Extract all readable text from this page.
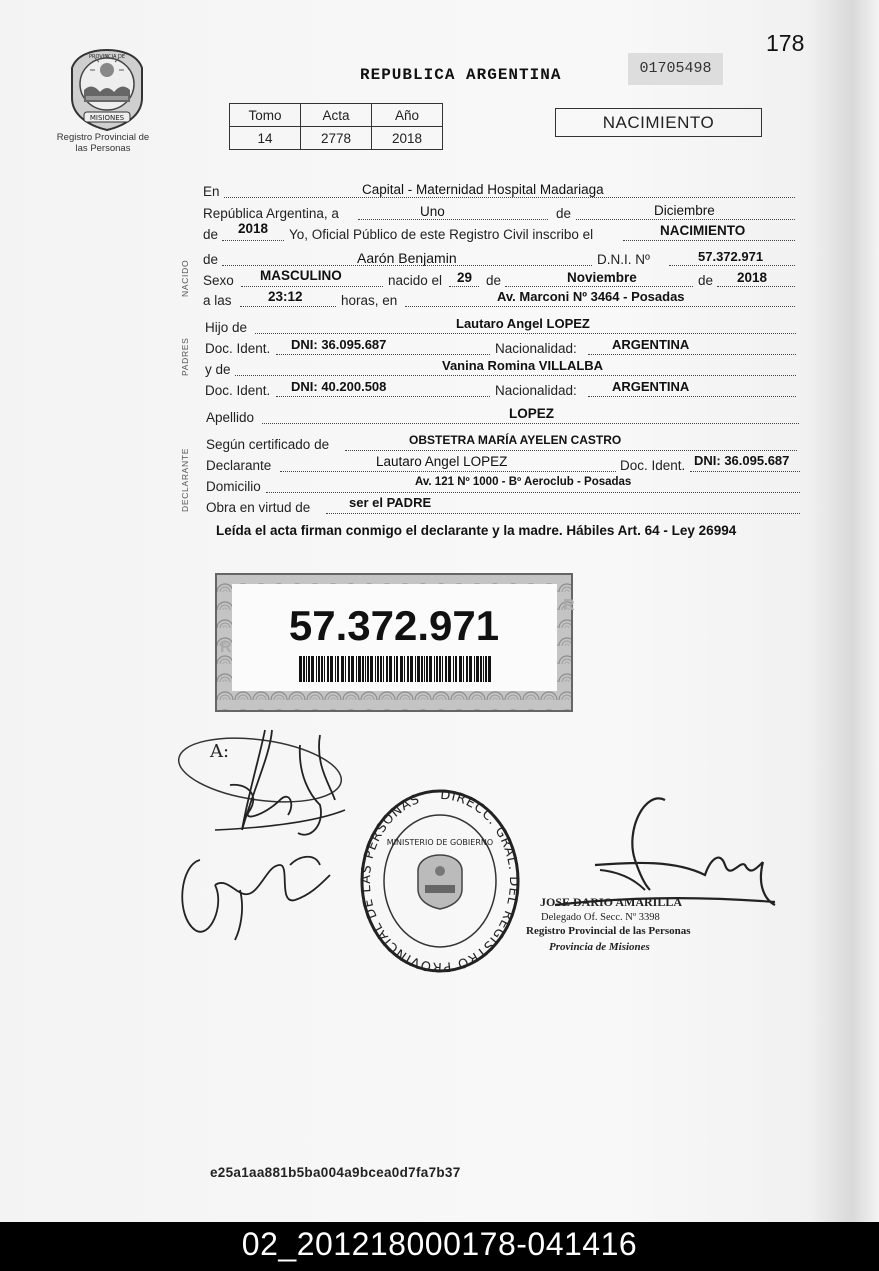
178
MISIONES
PROVINCIA DE
Registro Provincial de las Personas
REPUBLICA ARGENTINA	01705498
Tomo	Acta	Año
14	2778	2018
NACIMIENTO
NACIDO
PADRES
DECLARANTE
En	Capital - Maternidad Hospital Madariaga
República Argentina, a	Uno	de	Diciembre
de 2018 Yo, Oficial Público de este Registro Civil inscribo el	NACIMIENTO
de	Aarón Benjamin	D.N.I. Nº	57.372.971
Sexo MASCULINO	nacido el 29 de	Noviembre	de 2018
a las	23:12	horas, en	Av. Marconi Nº 3464 - Posadas
Hijo de	Lautaro Angel LOPEZ
Doc. Ident. DNI: 36.095.687	Nacionalidad:	ARGENTINA
y de	Vanina Romina VILLALBA
Doc. Ident. DNI: 40.200.508	Nacionalidad:	ARGENTINA
Apellido	LOPEZ
Según certificado de	OBSTETRA MARÍA AYELEN CASTRO
Declarante	Lautaro Angel LOPEZ	Doc. Ident. DNI: 36.095.687
Domicilio	Av. 121 Nº 1000 - Bº Aeroclub - Posadas
Obra en virtud de	ser el PADRE
Leída el acta firman conmigo el declarante y la madre. Hábiles Art. 64 - Ley 26994
R
R 57.372.971
A:
DIRECC. GRAL. DEL REGISTRO PROVINCIAL DE LAS PERSONAS
MINISTERIO DE GOBIERNO
JOSE DARIO AMARILLA
Delegado Of. Secc. Nº 3398
Registro Provincial de las Personas
Provincia de Misiones
e25a1aa881b5ba004a9bcea0d7fa7b37
02_201218000178-041416
